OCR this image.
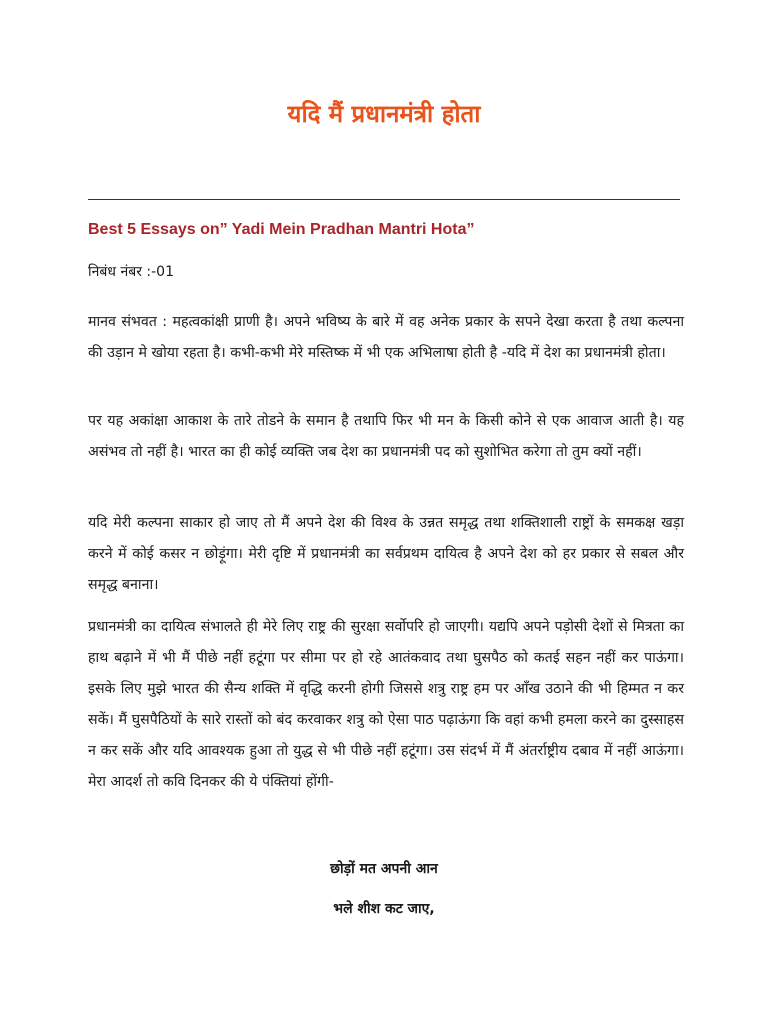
यदि मैं प्रधानमंत्री होता
Best 5 Essays on” Yadi Mein Pradhan Mantri Hota”
निबंध नंबर :-01

मानव संभवत : महत्वकांक्षी प्राणी है। अपने भविष्य के बारे में वह अनेक प्रकार के सपने देखा करता है तथा कल्पना की उड़ान मे खोया रहता है। कभी-कभी मेरे मस्तिष्क में भी एक अभिलाषा होती है -यदि में देश का प्रधानमंत्री होता।

पर यह अकांक्षा आकाश के तारे तोडने के समान है तथापि फिर भी मन के किसी कोने से एक आवाज आती है। यह असंभव तो नहीं है। भारत का ही कोई व्यक्ति जब देश का प्रधानमंत्री पद को सुशोभित करेगा तो तुम क्यों नहीं।

यदि मेरी कल्पना साकार हो जाए तो मैं अपने देश की विश्व के उन्नत समृद्ध तथा शक्तिशाली राष्ट्रों के समकक्ष खड़ा करने में कोई कसर न छोड़ूंगा। मेरी दृष्टि में प्रधानमंत्री का सर्वप्रथम दायित्व है अपने देश को हर प्रकार से सबल और समृद्ध बनाना।

प्रधानमंत्री का दायित्व संभालते ही मेरे लिए राष्ट्र की सुरक्षा सर्वोपरि हो जाएगी। यद्यपि अपने पड़ोसी देशों से मित्रता का हाथ बढ़ाने में भी मैं पीछे नहीं हटूंगा पर सीमा पर हो रहे आतंकवाद तथा घुसपैठ को कतई सहन नहीं कर पाऊंगा। इसके लिए मुझे भारत की सैन्य शक्ति में वृद्धि करनी होगी जिससे शत्रु राष्ट्र हम पर आँख उठाने की भी हिम्मत न कर सकें। मैं घुसपैठियों के सारे रास्तों को बंद करवाकर शत्रु को ऐसा पाठ पढ़ाऊंगा कि वहां कभी हमला करने का दुस्साहस न कर सकें और यदि आवश्यक हुआ तो युद्ध से भी पीछे नहीं हटूंगा। उस संदर्भ में मैं अंतर्राष्ट्रीय दबाव में नहीं आऊंगा। मेरा आदर्श तो कवि दिनकर की ये पंक्तियां होंगी-

छोड़ों मत अपनी आन
भले शीश कट जाए,
